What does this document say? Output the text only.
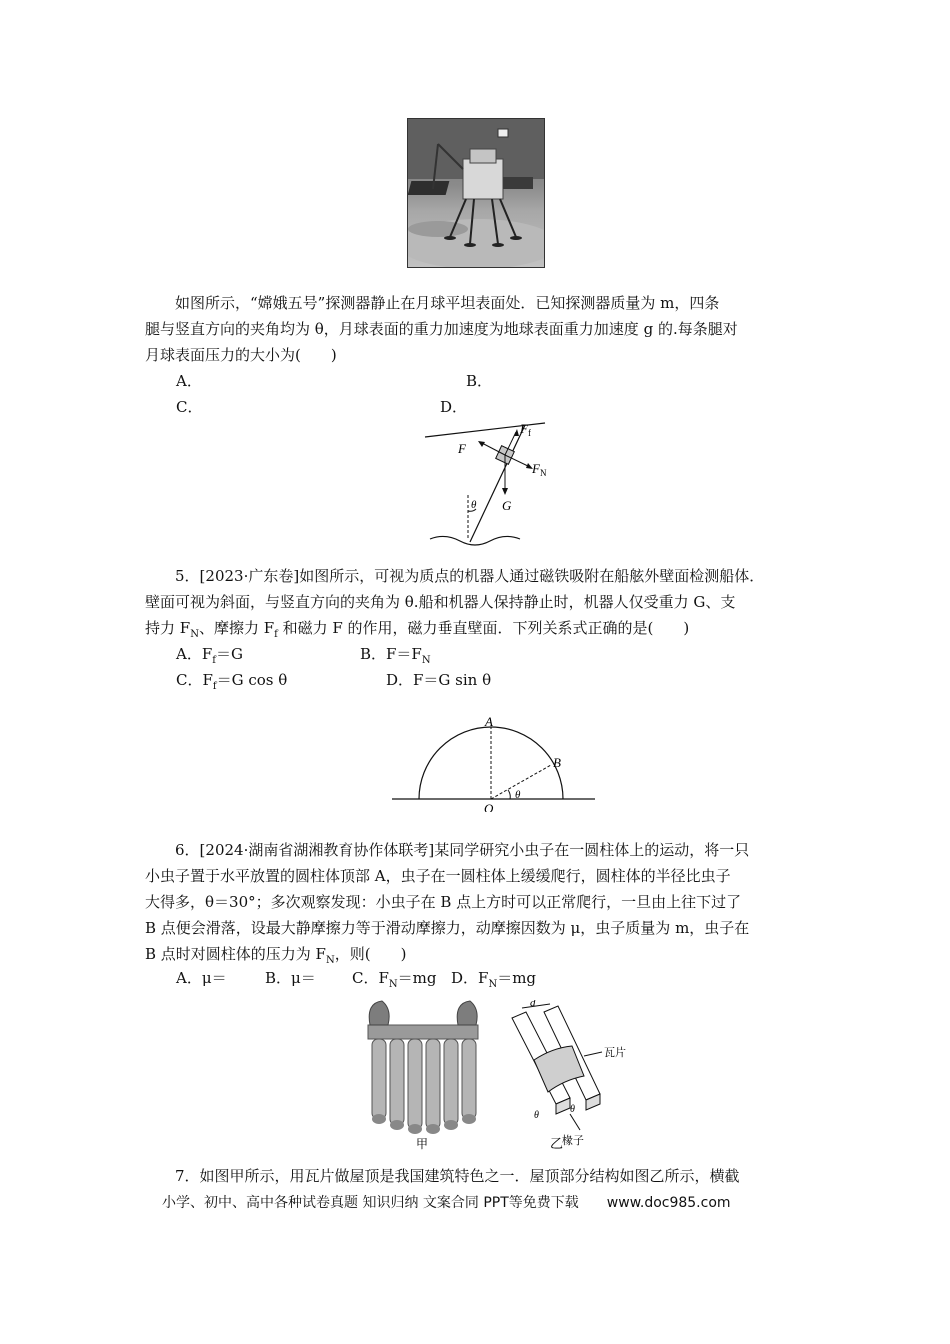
如图所示，“嫦娥五号”探测器静止在月球平坦表面处．已知探测器质量为 m，四条
腿与竖直方向的夹角均为 θ，月球表面的重力加速度为地球表面重力加速度 g 的.每条腿对
月球表面压力的大小为(　　)
A．	B．
C．	D．
F
F f
F N
G
θ
5．[2023·广东卷]如图所示，可视为质点的机器人通过磁铁吸附在船舷外壁面检测船体．
壁面可视为斜面，与竖直方向的夹角为 θ.船和机器人保持静止时，机器人仅受重力 G、支
持力 $F_N$、摩擦力 $F_f$ 和磁力 F 的作用，磁力垂直壁面．下列关系式正确的是(　　)
A．$F_f=G$	B．$F=F_N$
C．$F_f=G$ cos θ	D．F＝G sin θ
A
B
O
θ
6．[2024·湖南省湖湘教育协作体联考]某同学研究小虫子在一圆柱体上的运动，将一只
小虫子置于水平放置的圆柱体顶部 A，虫子在一圆柱体上缓缓爬行，圆柱体的半径比虫子
大得多，θ＝30°；多次观察发现：小虫子在 B 点上方时可以正常爬行，一旦由上往下过了
B 点便会滑落，设最大静摩擦力等于滑动摩擦力，动摩擦因数为 μ，虫子质量为 m，虫子在
B 点时对圆柱体的压力为 $F_N$，则(　　)
A．μ＝	B．μ＝ C．$F_N=mg$ D．$F_N=mg$
甲
d
瓦片
θ
θ
椽子
乙
7．如图甲所示，用瓦片做屋顶是我国建筑特色之一．屋顶部分结构如图乙所示，横截
小学、初中、高中各种试卷真题 知识归纳 文案合同 PPT等免费下载 www.doc985.com
